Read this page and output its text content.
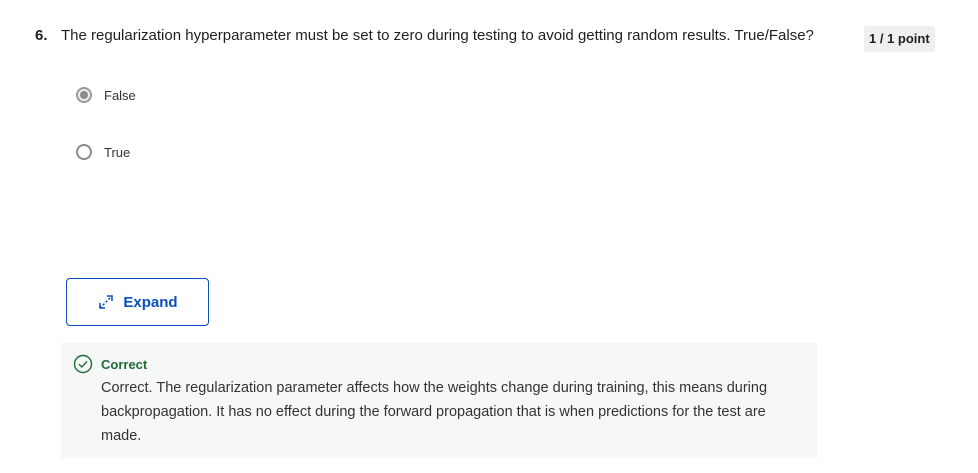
6. The regularization hyperparameter must be set to zero during testing to avoid getting random results. True/False?	1 / 1 point
False
True
Expand
Correct
Correct. The regularization parameter affects how the weights change during training, this means during backpropagation. It has no effect during the forward propagation that is when predictions for the test are made.
